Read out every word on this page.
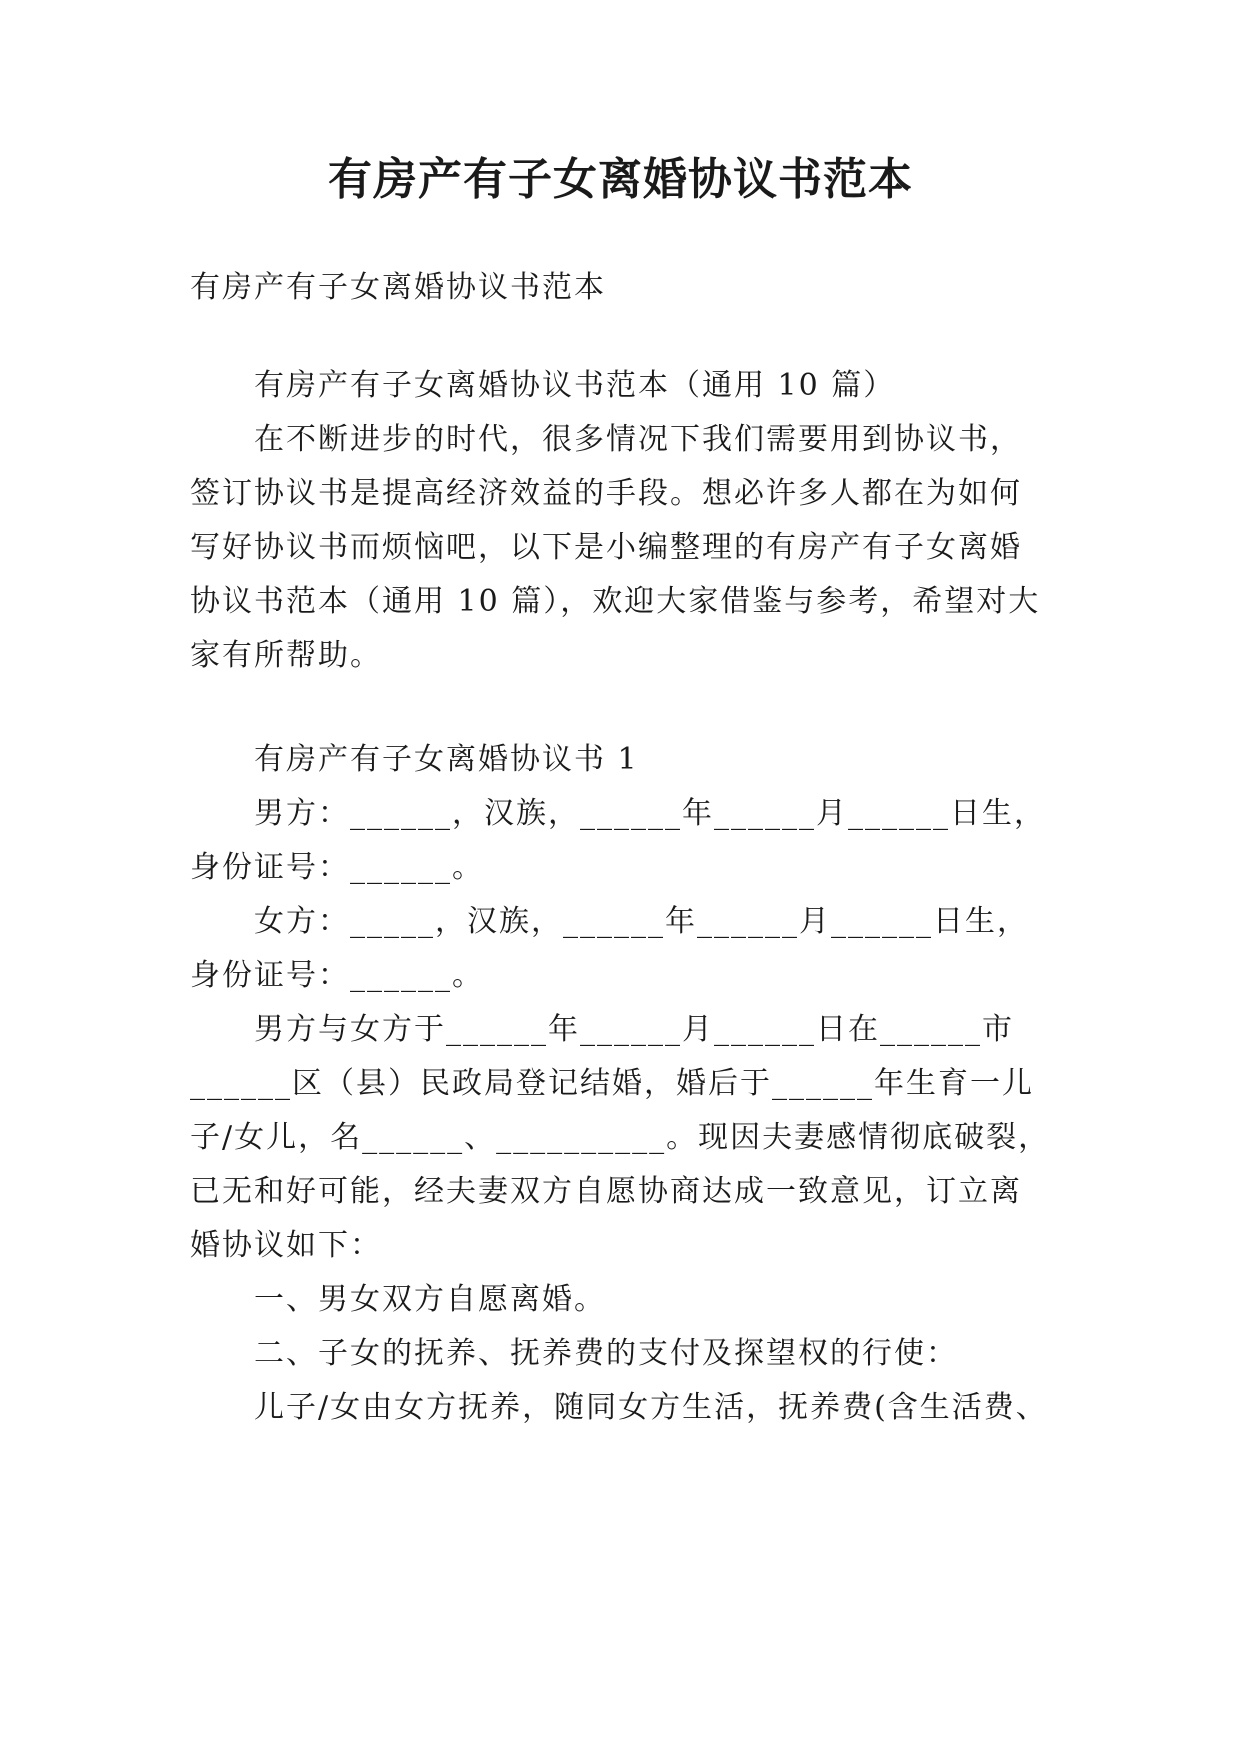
有房产有子女离婚协议书范本
有房产有子女离婚协议书范本
有房产有子女离婚协议书范本（通用 10 篇）
在不断进步的时代，很多情况下我们需要用到协议书，
签订协议书是提高经济效益的手段。想必许多人都在为如何
写好协议书而烦恼吧，以下是小编整理的有房产有子女离婚
协议书范本（通用 10 篇），欢迎大家借鉴与参考，希望对大
家有所帮助。
有房产有子女离婚协议书 1
男方：______，汉族，______年______月______日生，
身份证号：______。
女方：_____，汉族，______年______月______日生，
身份证号：______。
男方与女方于______年______月______日在______市
______区（县）民政局登记结婚，婚后于______年生育一儿
子/女儿，名______、__________。现因夫妻感情彻底破裂，
已无和好可能，经夫妻双方自愿协商达成一致意见，订立离
婚协议如下：
一、男女双方自愿离婚。
二、子女的抚养、抚养费的支付及探望权的行使：
儿子/女由女方抚养，随同女方生活，抚养费(含生活费、
